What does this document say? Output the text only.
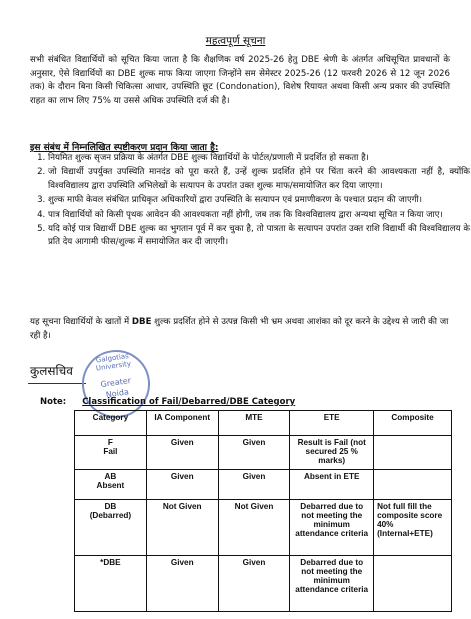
महत्वपूर्ण सूचना
सभी संबंधित विद्यार्थियों को सूचित किया जाता है कि शैक्षणिक वर्ष 2025-26 हेतु DBE श्रेणी के अंतर्गत अधिसूचित प्रावधानों के अनुसार, ऐसे विद्यार्थियों का DBE शुल्क माफ किया जाएगा जिन्होंने सम सेमेस्टर 2025-26 (12 फरवरी 2026 से 12 जून 2026 तक) के दौरान बिना किसी चिकित्सा आधार, उपस्थिति छूट (Condonation), विशेष रियायत अथवा किसी अन्य प्रकार की उपस्थिति राहत का लाभ लिए 75% या उससे अधिक उपस्थिति दर्ज की है।
इस संबंध में निम्नलिखित स्पष्टीकरण प्रदान किया जाता है:
1. नियमित शुल्क सृजन प्रक्रिया के अंतर्गत DBE शुल्क विद्यार्थियों के पोर्टल/प्रणाली में प्रदर्शित हो सकता है।
2. जो विद्यार्थी उपर्युक्त उपस्थिति मानदंड को पूरा करते हैं, उन्हें शुल्क प्रदर्शित होने पर चिंता करने की आवश्यकता नहीं है, क्योंकि विश्वविद्यालय द्वारा उपस्थिति अभिलेखों के सत्यापन के उपरांत उक्त शुल्क माफ/समायोजित कर दिया जाएगा।
3. शुल्क माफी केवल संबंधित प्राधिकृत अधिकारियों द्वारा उपस्थिति के सत्यापन एवं प्रमाणीकरण के पश्चात प्रदान की जाएगी।
4. पात्र विद्यार्थियों को किसी पृथक आवेदन की आवश्यकता नहीं होगी, जब तक कि विश्वविद्यालय द्वारा अन्यथा सूचित न किया जाए।
5. यदि कोई पात्र विद्यार्थी DBE शुल्क का भुगतान पूर्व में कर चुका है, तो पात्रता के सत्यापन उपरांत उक्त राशि विद्यार्थी की विश्वविद्यालय के प्रति देय आगामी फीस/शुल्क में समायोजित कर दी जाएगी।
यह सूचना विद्यार्थियों के खातों में DBE शुल्क प्रदर्शित होने से उत्पन्न किसी भी भ्रम अथवा आशंका को दूर करने के उद्देश्य से जारी की जा रही है।
कुलसचिव
Galgotias University
Greater
Noida
Note: Classification of Fail/Debarred/DBE Category
Category	IA Component	MTE	ETE	Composite
F
Fail	Given	Given	Result is Fail (not secured 25 % marks)	
AB
Absent	Given	Given	Absent in ETE	
DB
(Debarred)	Not Given	Not Given	Debarred due to not meeting the minimum attendance criteria	Not full fill the composite score 40% (Internal+ETE)
*DBE	Given	Given	Debarred due to not meeting the minimum attendance criteria	
